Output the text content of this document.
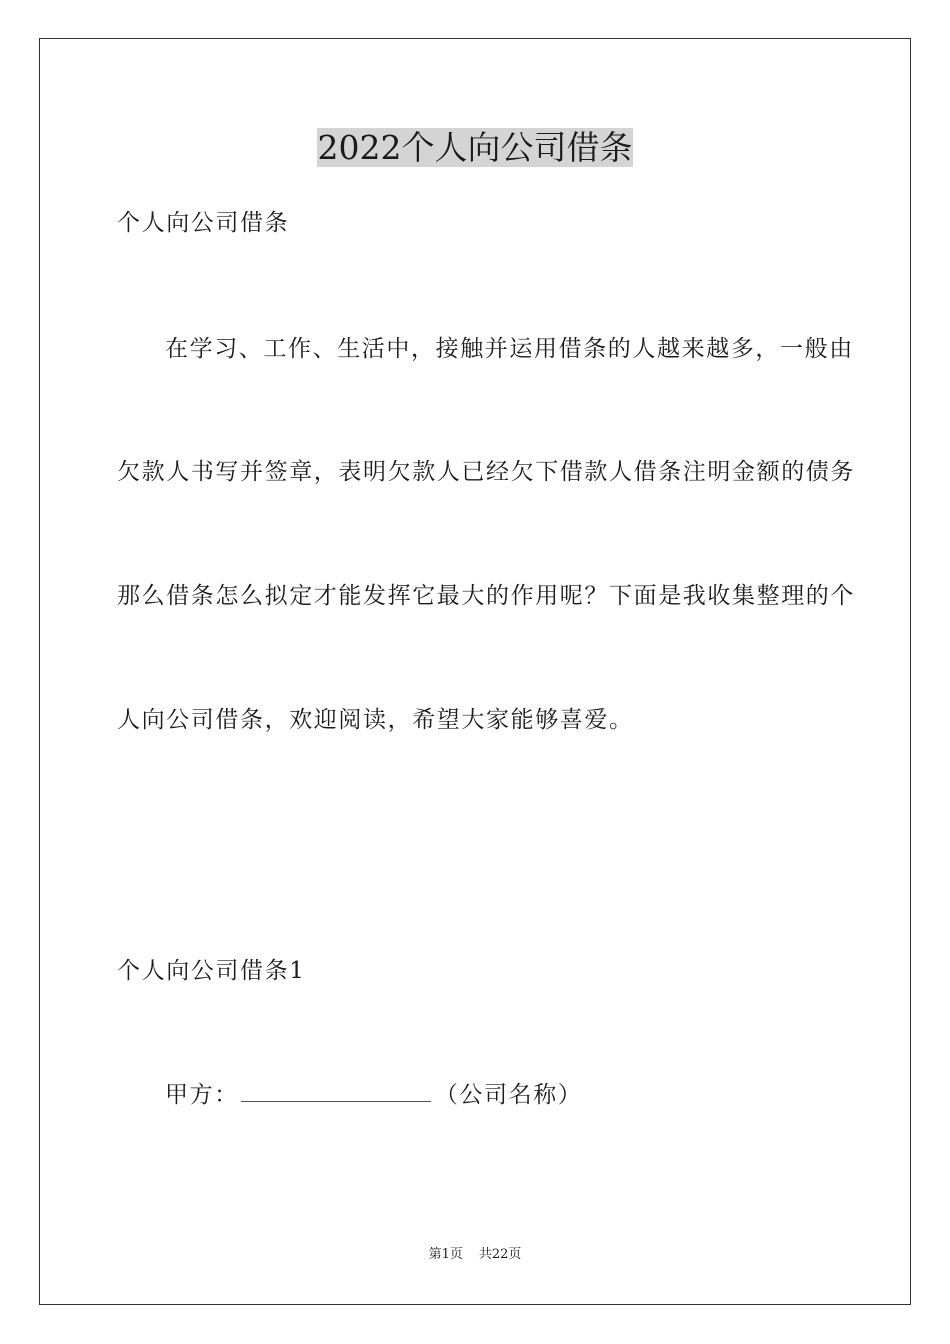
2022个人向公司借条

个人向公司借条

在学习、工作、生活中，接触并运用借条的人越来越多，一般由

欠款人书写并签章，表明欠款人已经欠下借款人借条注明金额的债务

那么借条怎么拟定才能发挥它最大的作用呢？下面是我收集整理的个

人向公司借条，欢迎阅读，希望大家能够喜爱。

个人向公司借条1

甲方：	（公司名称）

第1页 共22页
